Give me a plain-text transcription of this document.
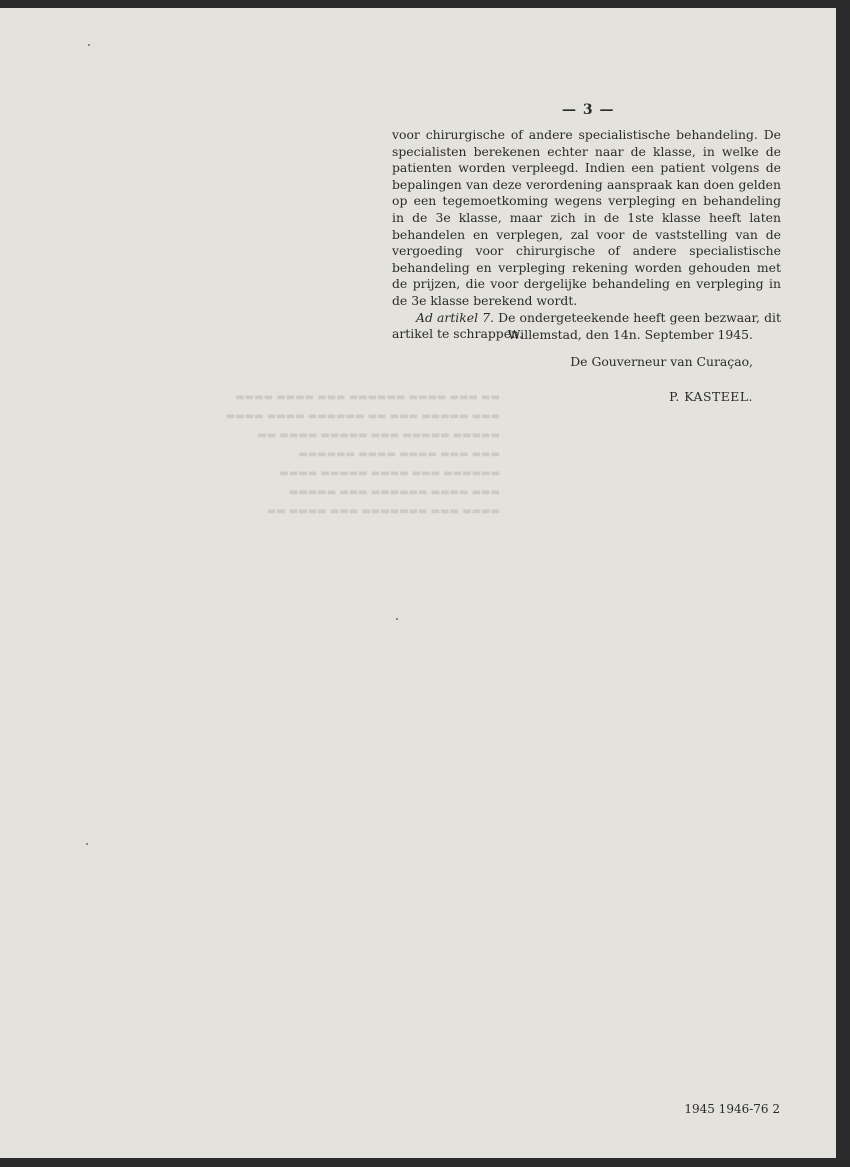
​▬▬ ▬▬▬ ▬▬▬▬ ▬▬▬▬▬▬ ▬▬▬ ▬▬▬▬ ▬▬▬▬
▬▬▬ ▬▬▬▬▬ ▬▬▬ ▬▬ ▬▬▬▬▬▬ ▬▬▬▬ ▬▬▬▬
▬▬▬▬▬ ▬▬▬▬▬ ▬▬▬ ▬▬▬▬▬ ▬▬▬▬ ▬▬
▬▬▬ ▬▬▬ ▬▬▬▬ ▬▬▬▬ ▬▬▬▬▬▬
▬▬▬▬▬▬ ▬▬▬ ▬▬▬▬ ▬▬▬▬▬ ▬▬▬▬
▬▬▬ ▬▬▬▬ ▬▬▬▬▬▬ ▬▬▬ ▬▬▬▬▬
▬▬▬▬ ▬▬▬ ▬▬▬▬▬▬▬ ▬▬▬ ▬▬▬▬ ▬▬
— 3 —

voor chirurgische of andere specialistische behandeling. De specialisten berekenen echter naar de klasse, in welke de patienten worden verpleegd. Indien een patient volgens de bepalingen van deze verordening aanspraak kan doen gelden op een tegemoetkoming wegens verpleging en behandeling in de 3e klasse, maar zich in de 1ste klasse heeft laten behandelen en verplegen, zal voor de vaststelling van de vergoeding voor chirurgische of andere specialistische behandeling en verpleging rekening worden gehouden met de prijzen, die voor dergelijke behandeling en verpleging in de 3e klasse berekend wordt.

Ad artikel 7. De ondergeteekende heeft geen bezwaar, dit artikel te schrappen.

Willemstad, den 14n. September 1945.
De Gouverneur van Curaçao,
P. KASTEEL.
1945 1946-76 2
